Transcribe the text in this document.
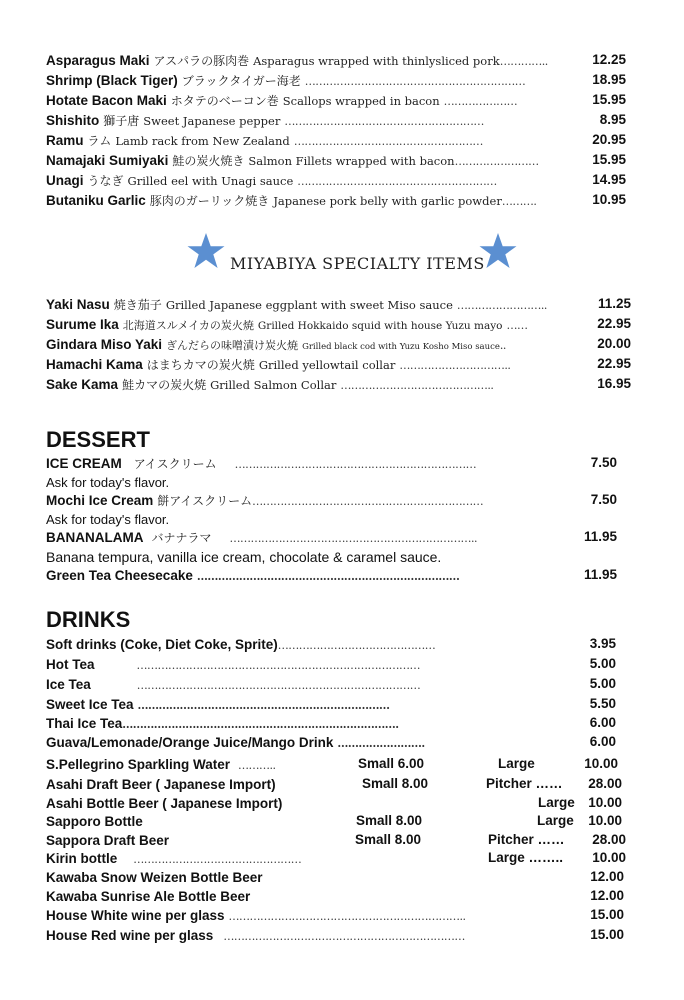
Asparagus Maki アスパラの豚肉巻 Asparagus wrapped with thinlysliced pork…………..	12.25
Shrimp (Black Tiger) ブラックタイガー海老 ………………………………………………………	18.95
Hotate Bacon Maki ホタテのベーコン巻 Scallops wrapped in bacon …………………	15.95
Shishito 獅子唐 Sweet Japanese pepper …………………………………………………	8.95
Ramu ラム Lamb rack from New Zealand ………………………………………………	20.95
Namajaki Sumiyaki 鮭の炭火焼き Salmon Fillets wrapped with bacon……………………	15.95
Unagi うなぎ Grilled eel with Unagi sauce …………………………………………………	14.95
Butaniku Garlic 豚肉のガーリック焼き Japanese pork belly with garlic powder……….	10.95
MIYABIYA SPECIALTY ITEMS
Yaki Nasu 焼き茄子 Grilled Japanese eggplant with sweet Miso sauce ……………………..	11.25
Surume Ika 北海道スルメイカの炭火焼 Grilled Hokkaido squid with house Yuzu mayo ……	22.95
Gindara Miso Yaki ぎんだらの味噌漬け炭火焼 Grilled black cod with Yuzu Kosho Miso sauce..	20.00
Hamachi Kama はまちカマの炭火焼 Grilled yellowtail collar …………………………..	22.95
Sake Kama 鮭カマの炭火焼 Grilled Salmon Collar ……………………………………..	16.95
DESSERT
ICE CREAM アイスクリーム ……………………………………………………………	7.50
Ask for today's flavor.
Mochi Ice Cream 餅アイスクリーム…………………………………………………………	7.50
Ask for today's flavor.
BANANALAMA バナナラマ ……………………………………………………………..	11.95
Banana tempura, vanilla ice cream, chocolate & caramel sauce.
Green Tea Cheesecake …………………………………………………………………	11.95
DRINKS
Soft drinks (Coke, Diet Coke, Sprite)………………………………………	3.95
Hot Tea	………………………………………………………………………	5.00
Ice Tea	………………………………………………………………………	5.00
Sweet Ice Tea ………………………………………………………………	5.50
Thai Ice Tea…………………………………………………………………….	6.00
Guava/Lemonade/Orange Juice/Mango Drink …………………….	6.00
S.Pellegrino Sparkling Water ………..	Small 6.00	Large	10.00
Asahi Draft Beer ( Japanese Import)	Small 8.00	Pitcher …… 28.00
Asahi Bottle Beer ( Japanese Import)	Large 10.00
Sapporo Bottle	Small 8.00	Large 10.00
Sappora Draft Beer	Small 8.00	Pitcher …… 28.00
Kirin bottle …………………………………………	Large …….. 10.00
Kawaba Snow Weizen Bottle Beer	12.00
Kawaba Sunrise Ale Bottle Beer	12.00
House White wine per glass …………………………………………………………..	15.00
House Red wine per glass ……………………………………………………………	15.00
